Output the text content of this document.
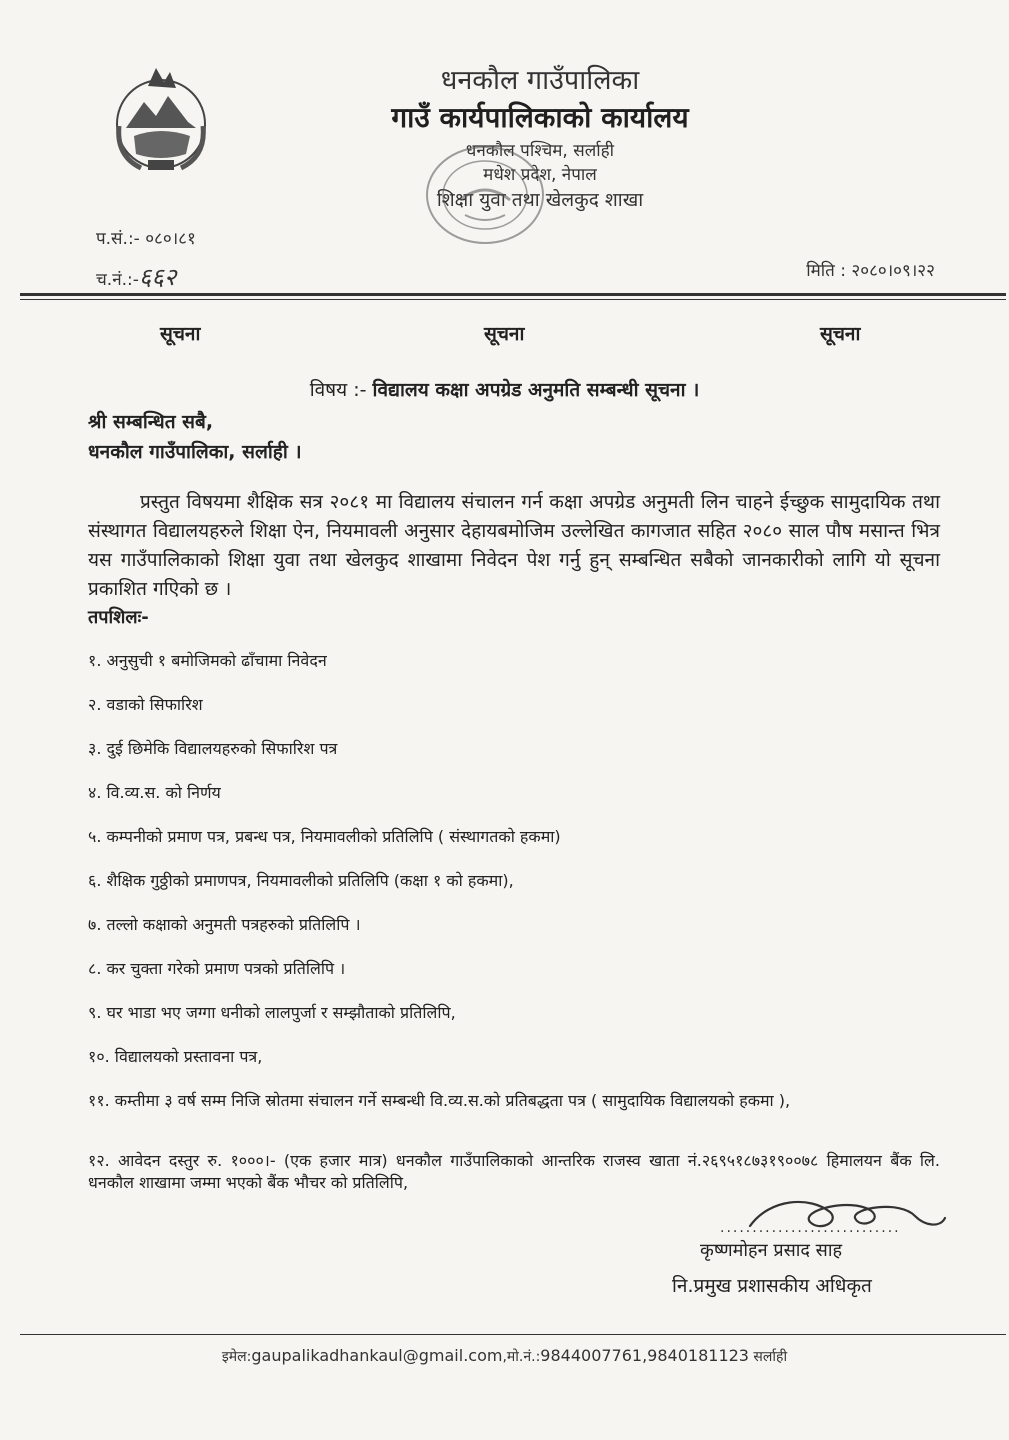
धनकौल गाउँपालिका
गाउँ कार्यपालिकाको कार्यालय
धनकौल पश्चिम, सर्लाही
मधेश प्रदेश, नेपाल
शिक्षा युवा तथा खेलकुद शाखा
प.सं.:- ०८०।८१
च.नं.:-६६२	मिति : २०८०।०९।२२
सूचना	सूचना	सूचना
विषय :- विद्यालय कक्षा अपग्रेड अनुमति सम्बन्धी सूचना ।
श्री सम्बन्धित सबै,
धनकौल गाउँपालिका, सर्लाही ।
प्रस्तुत विषयमा शैक्षिक सत्र २०८१ मा विद्यालय संचालन गर्न कक्षा अपग्रेड अनुमती लिन चाहने ईच्छुक सामुदायिक तथा संस्थागत विद्यालयहरुले शिक्षा ऐन, नियमावली अनुसार देहायबमोजिम उल्लेखित कागजात सहित २०८० साल पौष मसान्त भित्र यस गाउँपालिकाको शिक्षा युवा तथा खेलकुद शाखामा निवेदन पेश गर्नु हुन् सम्बन्धित सबैको जानकारीको लागि यो सूचना प्रकाशित गएिको छ ।
तपशिलः-
१. अनुसुची १ बमोजिमको ढाँचामा निवेदन
२. वडाको सिफारिश
३. दुई छिमेकि विद्यालयहरुको सिफारिश पत्र
४. वि.व्य.स. को निर्णय
५. कम्पनीको प्रमाण पत्र, प्रबन्ध पत्र, नियमावलीको प्रतिलिपि ( संस्थागतको हकमा)
६. शैक्षिक गुठ्ठीको प्रमाणपत्र, नियमावलीको प्रतिलिपि (कक्षा १ को हकमा),
७. तल्लो कक्षाको अनुमती पत्रहरुको प्रतिलिपि ।
८. कर चुक्ता गरेको प्रमाण पत्रको प्रतिलिपि ।
९. घर भाडा भए जग्गा धनीको लालपुर्जा र सम्झौताको प्रतिलिपि,
१०. विद्यालयको प्रस्तावना पत्र,
११. कम्तीमा ३ वर्ष सम्म निजि स्रोतमा संचालन गर्ने सम्बन्धी वि.व्य.स.को प्रतिबद्धता पत्र ( सामुदायिक विद्यालयको हकमा ),
१२. आवेदन दस्तुर रु. १०००।- (एक हजार मात्र) धनकौल गाउँपालिकाको आन्तरिक राजस्व खाता नं.२६९५१८७३१९००७८ हिमालयन बैंक लि. धनकौल शाखामा जम्मा भएको बैंक भौचर को प्रतिलिपि,
............................
कृष्णमोहन प्रसाद साह
नि.प्रमुख प्रशासकीय अधिकृत
इमेल:gaupalikadhankaul@gmail.com,मो.नं.:9844007761,9840181123 सर्लाही
